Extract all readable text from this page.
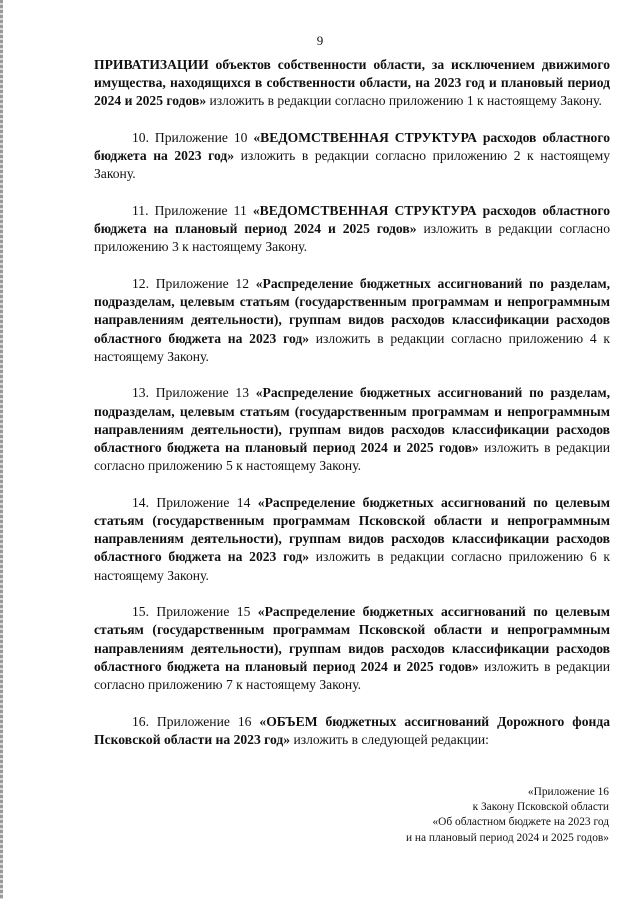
9

ПРИВАТИЗАЦИИ объектов собственности области, за исключением движимого имущества, находящихся в собственности области, на 2023 год и плановый период 2024 и 2025 годов» изложить в редакции согласно приложению 1 к настоящему Закону.

10. Приложение 10 «ВЕДОМСТВЕННАЯ СТРУКТУРА расходов областного бюджета на 2023 год» изложить в редакции согласно приложению 2 к настоящему Закону.

11. Приложение 11 «ВЕДОМСТВЕННАЯ СТРУКТУРА расходов областного бюджета на плановый период 2024 и 2025 годов» изложить в редакции согласно приложению 3 к настоящему Закону.

12. Приложение 12 «Распределение бюджетных ассигнований по разделам, подразделам, целевым статьям (государственным программам и непрограммным направлениям деятельности), группам видов расходов классификации расходов областного бюджета на 2023 год» изложить в редакции согласно приложению 4 к настоящему Закону.

13. Приложение 13 «Распределение бюджетных ассигнований по разделам, подразделам, целевым статьям (государственным программам и непрограммным направлениям деятельности), группам видов расходов классификации расходов областного бюджета на плановый период 2024 и 2025 годов» изложить в редакции согласно приложению 5 к настоящему Закону.

14. Приложение 14 «Распределение бюджетных ассигнований по целевым статьям (государственным программам Псковской области и непрограммным направлениям деятельности), группам видов расходов классификации расходов областного бюджета на 2023 год» изложить в редакции согласно приложению 6 к настоящему Закону.

15. Приложение 15 «Распределение бюджетных ассигнований по целевым статьям (государственным программам Псковской области и непрограммным направлениям деятельности), группам видов расходов классификации расходов областного бюджета на плановый период 2024 и 2025 годов» изложить в редакции согласно приложению 7 к настоящему Закону.

16. Приложение 16 «ОБЪЕМ бюджетных ассигнований Дорожного фонда Псковской области на 2023 год» изложить в следующей редакции:

«Приложение 16
к Закону Псковской области
«Об областном бюджете на 2023 год
и на плановый период 2024 и 2025 годов»
